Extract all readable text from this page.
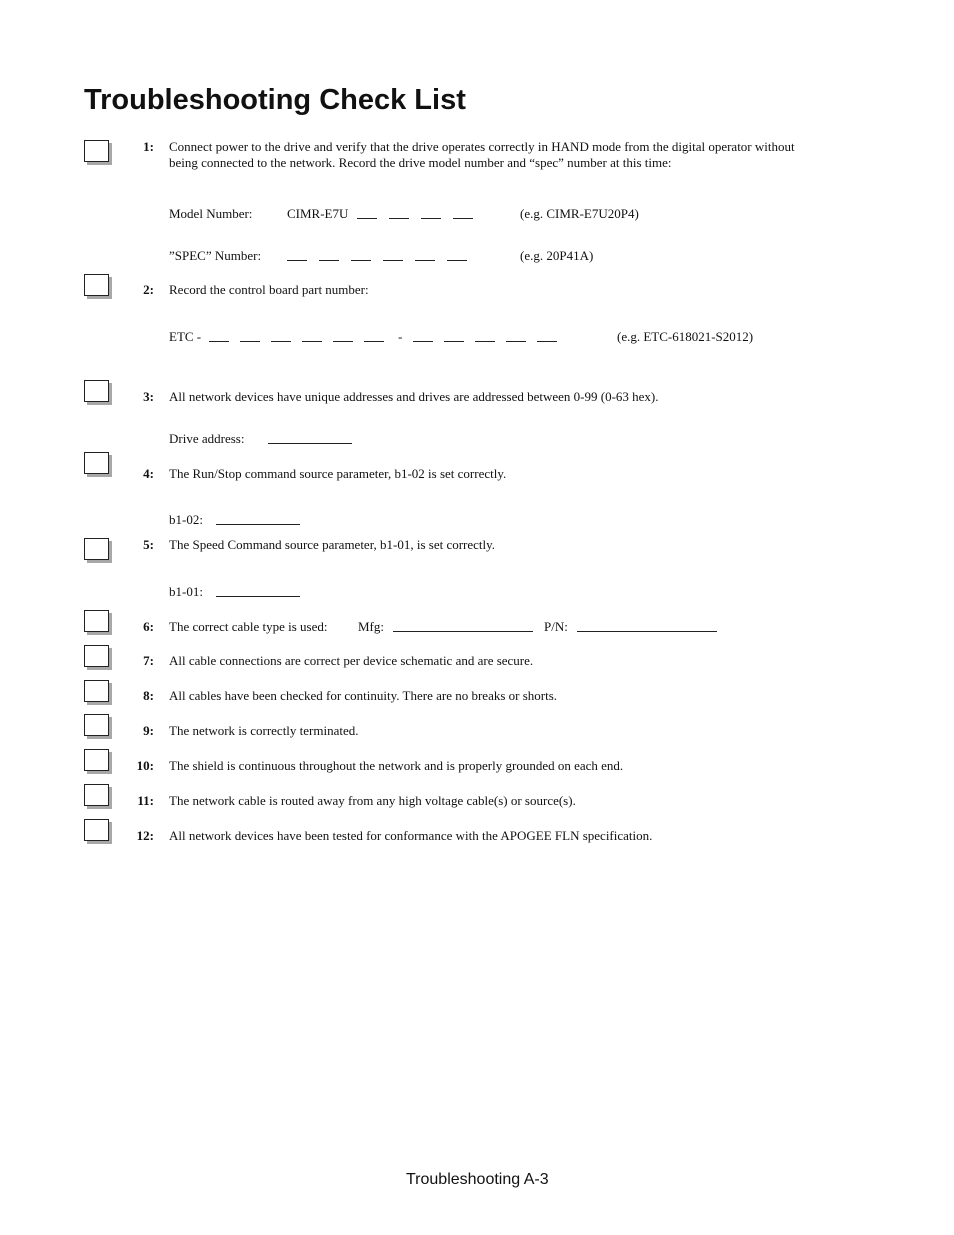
Troubleshooting Check List
1: Connect power to the drive and verify that the drive operates correctly in HAND mode from the digital operator without
being connected to the network. Record the drive model number and “spec” number at this time:
Model Number:	CIMR-E7U	(e.g. CIMR-E7U20P4)
”SPEC” Number:	(e.g. 20P41A)
2: Record the control board part number:
ETC -	-	(e.g. ETC-618021-S2012)
3: All network devices have unique addresses and drives are addressed between 0-99 (0-63 hex).
Drive address:
4: The Run/Stop command source parameter, b1-02 is set correctly.
b1-02:
5: The Speed Command source parameter, b1-01, is set correctly.
b1-01:
6: The correct cable type is used: Mfg:	P/N:
7: All cable connections are correct per device schematic and are secure.
8: All cables have been checked for continuity. There are no breaks or shorts.
9: The network is correctly terminated.
10: The shield is continuous throughout the network and is properly grounded on each end.
11: The network cable is routed away from any high voltage cable(s) or source(s).
12: All network devices have been tested for conformance with the APOGEE FLN specification.
Troubleshooting A-3
